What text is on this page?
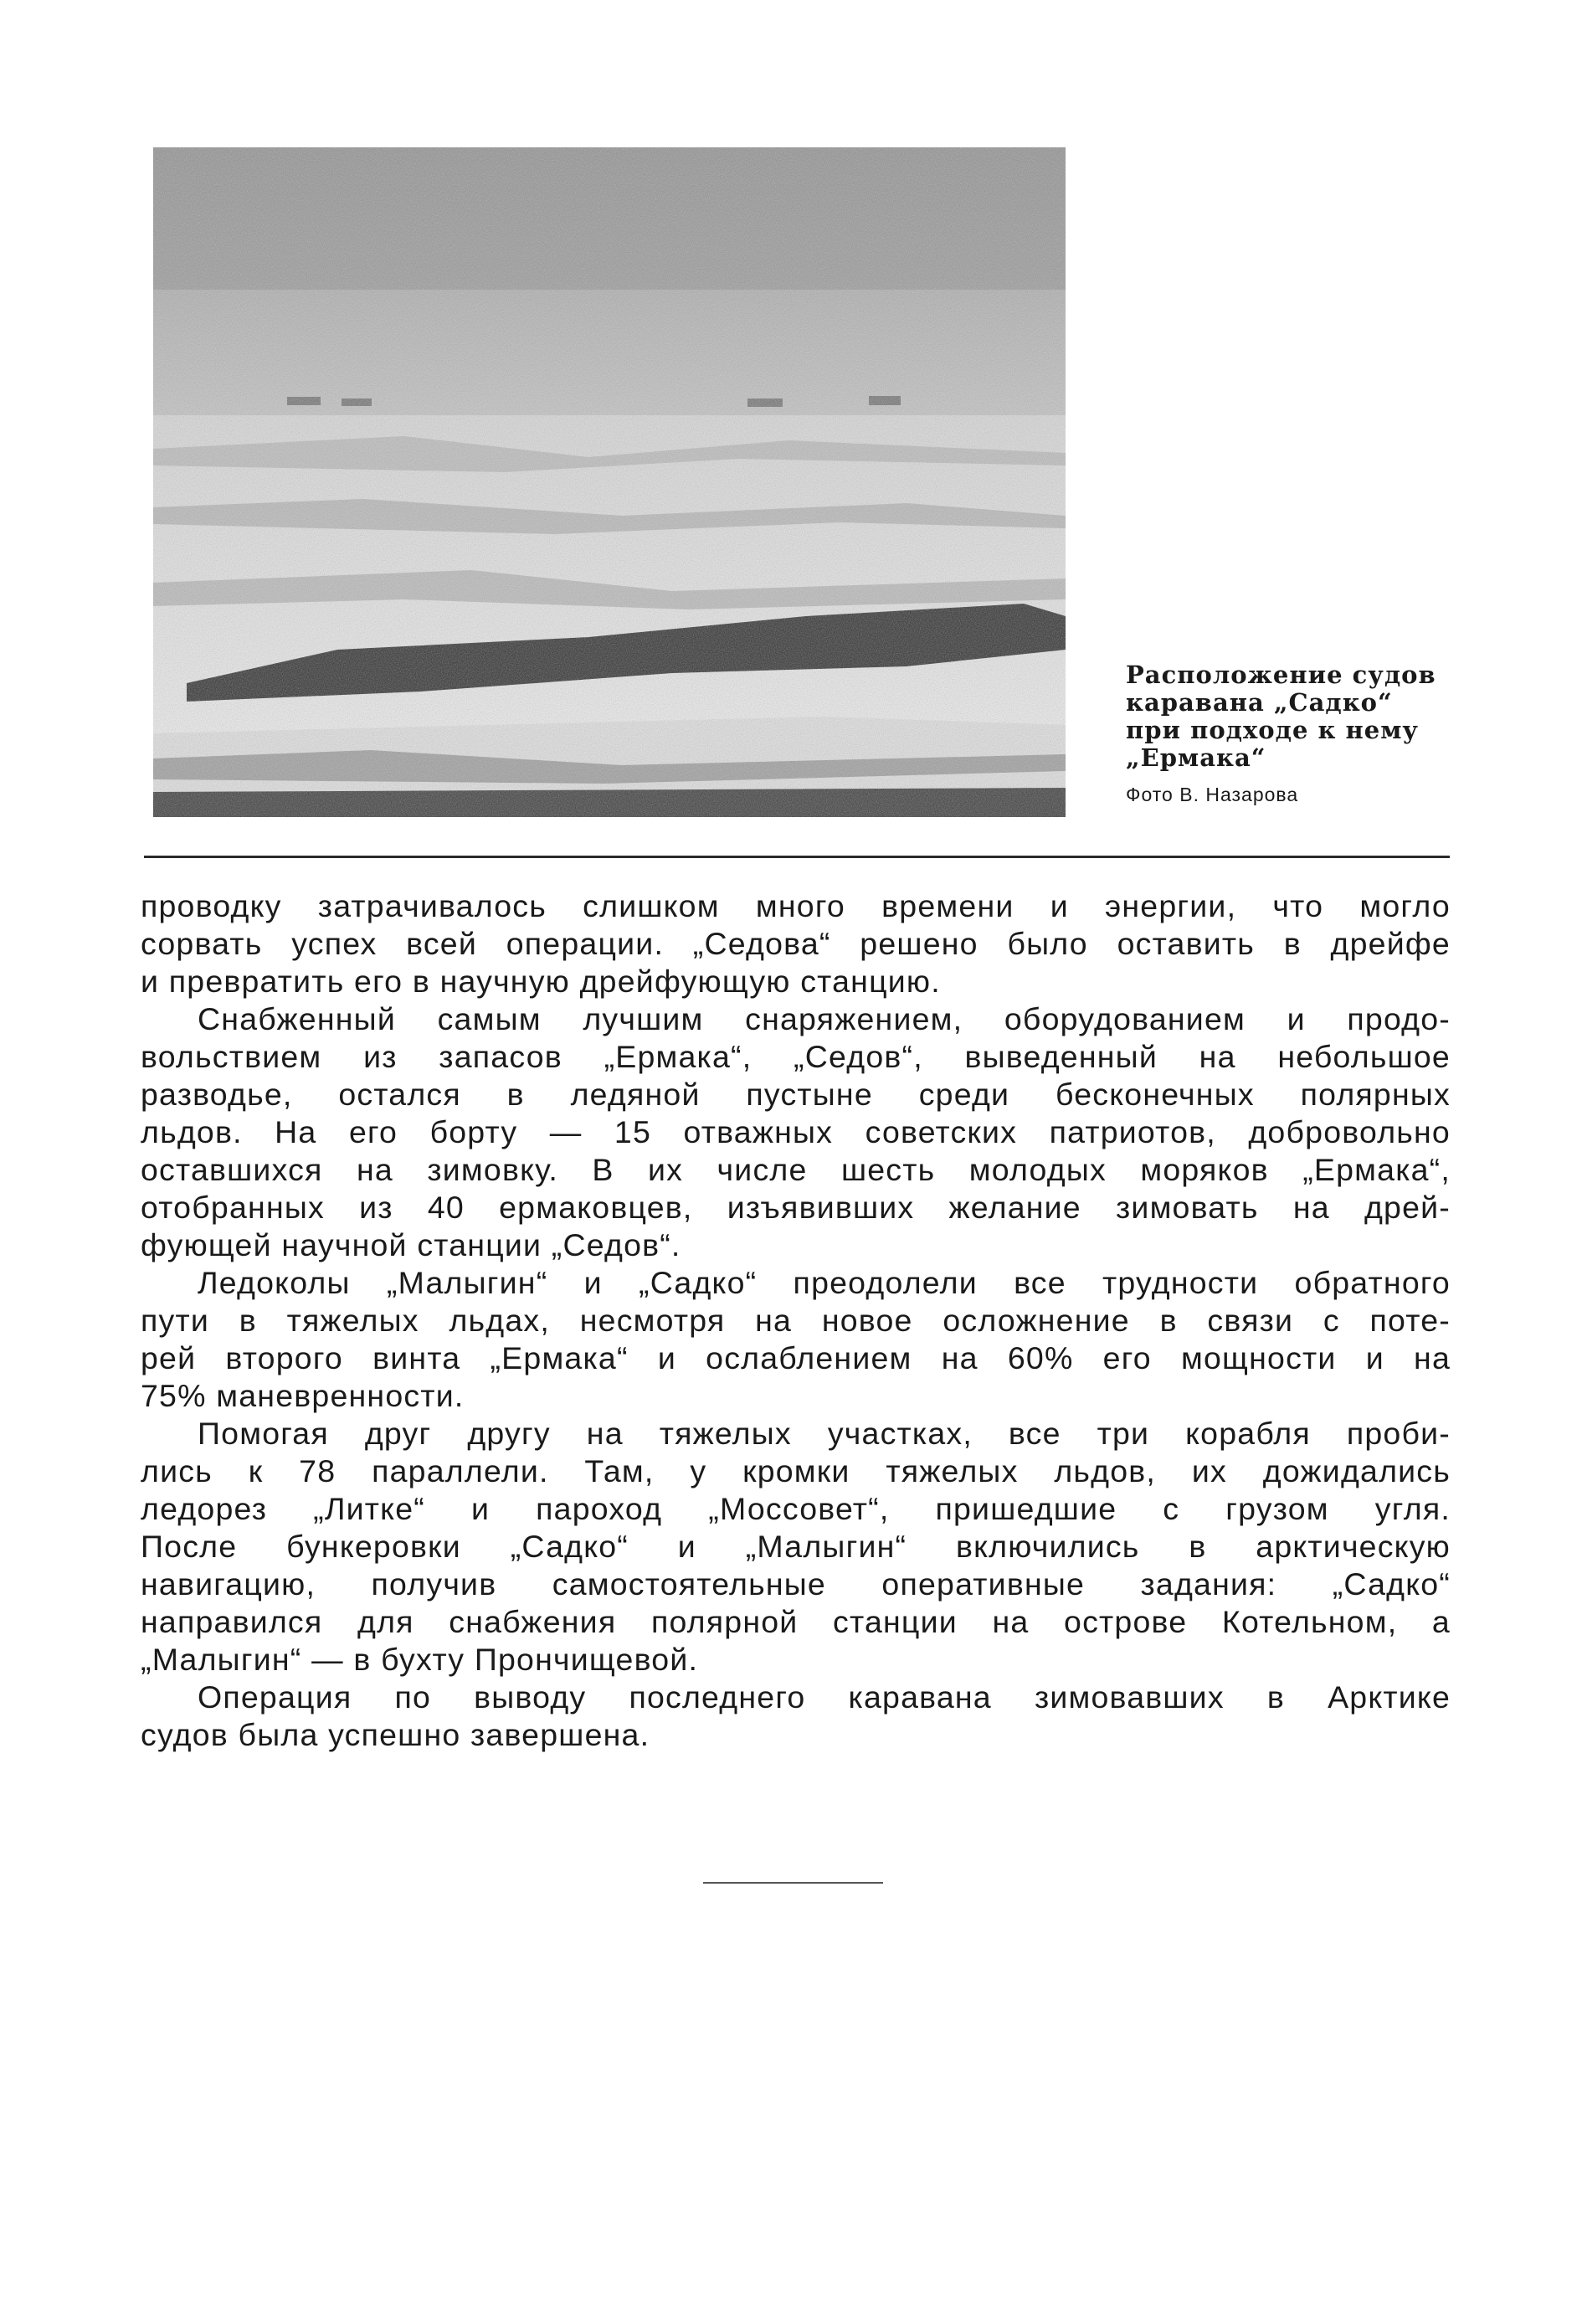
Расположение судов
каравана „Садко“
при подходе к нему
„Ермака“

Фото В. Назарова
проводку затрачивалось слишком много времени и энергии, что могло
сорвать успех всей операции. „Седова“ решено было оставить в дрейфе
и превратить его в научную дрейфующую станцию.
Снабженный самым лучшим снаряжением, оборудованием и продо-
вольствием из запасов „Ермака“, „Седов“, выведенный на небольшое
разводье, остался в ледяной пустыне среди бесконечных полярных
льдов. На его борту — 15 отважных советских патриотов, добровольно
оставшихся на зимовку. В их числе шесть молодых моряков „Ермака“,
отобранных из 40 ермаковцев, изъявивших желание зимовать на дрей-
фующей научной станции „Седов“.
Ледоколы „Малыгин“ и „Садко“ преодолели все трудности обратного
пути в тяжелых льдах, несмотря на новое осложнение в связи с поте-
рей второго винта „Ермака“ и ослаблением на 60% его мощности и на
75% маневренности.
Помогая друг другу на тяжелых участках, все три корабля проби-
лись к 78 параллели. Там, у кромки тяжелых льдов, их дожидались
ледорез „Литке“ и пароход „Моссовет“, пришедшие с грузом угля.
После бункеровки „Садко“ и „Малыгин“ включились в арктическую
навигацию, получив самостоятельные оперативные задания: „Садко“
направился для снабжения полярной станции на острове Котельном, а
„Малыгин“ — в бухту Прончищевой.
Операция по выводу последнего каравана зимовавших в Арктике
судов была успешно завершена.
